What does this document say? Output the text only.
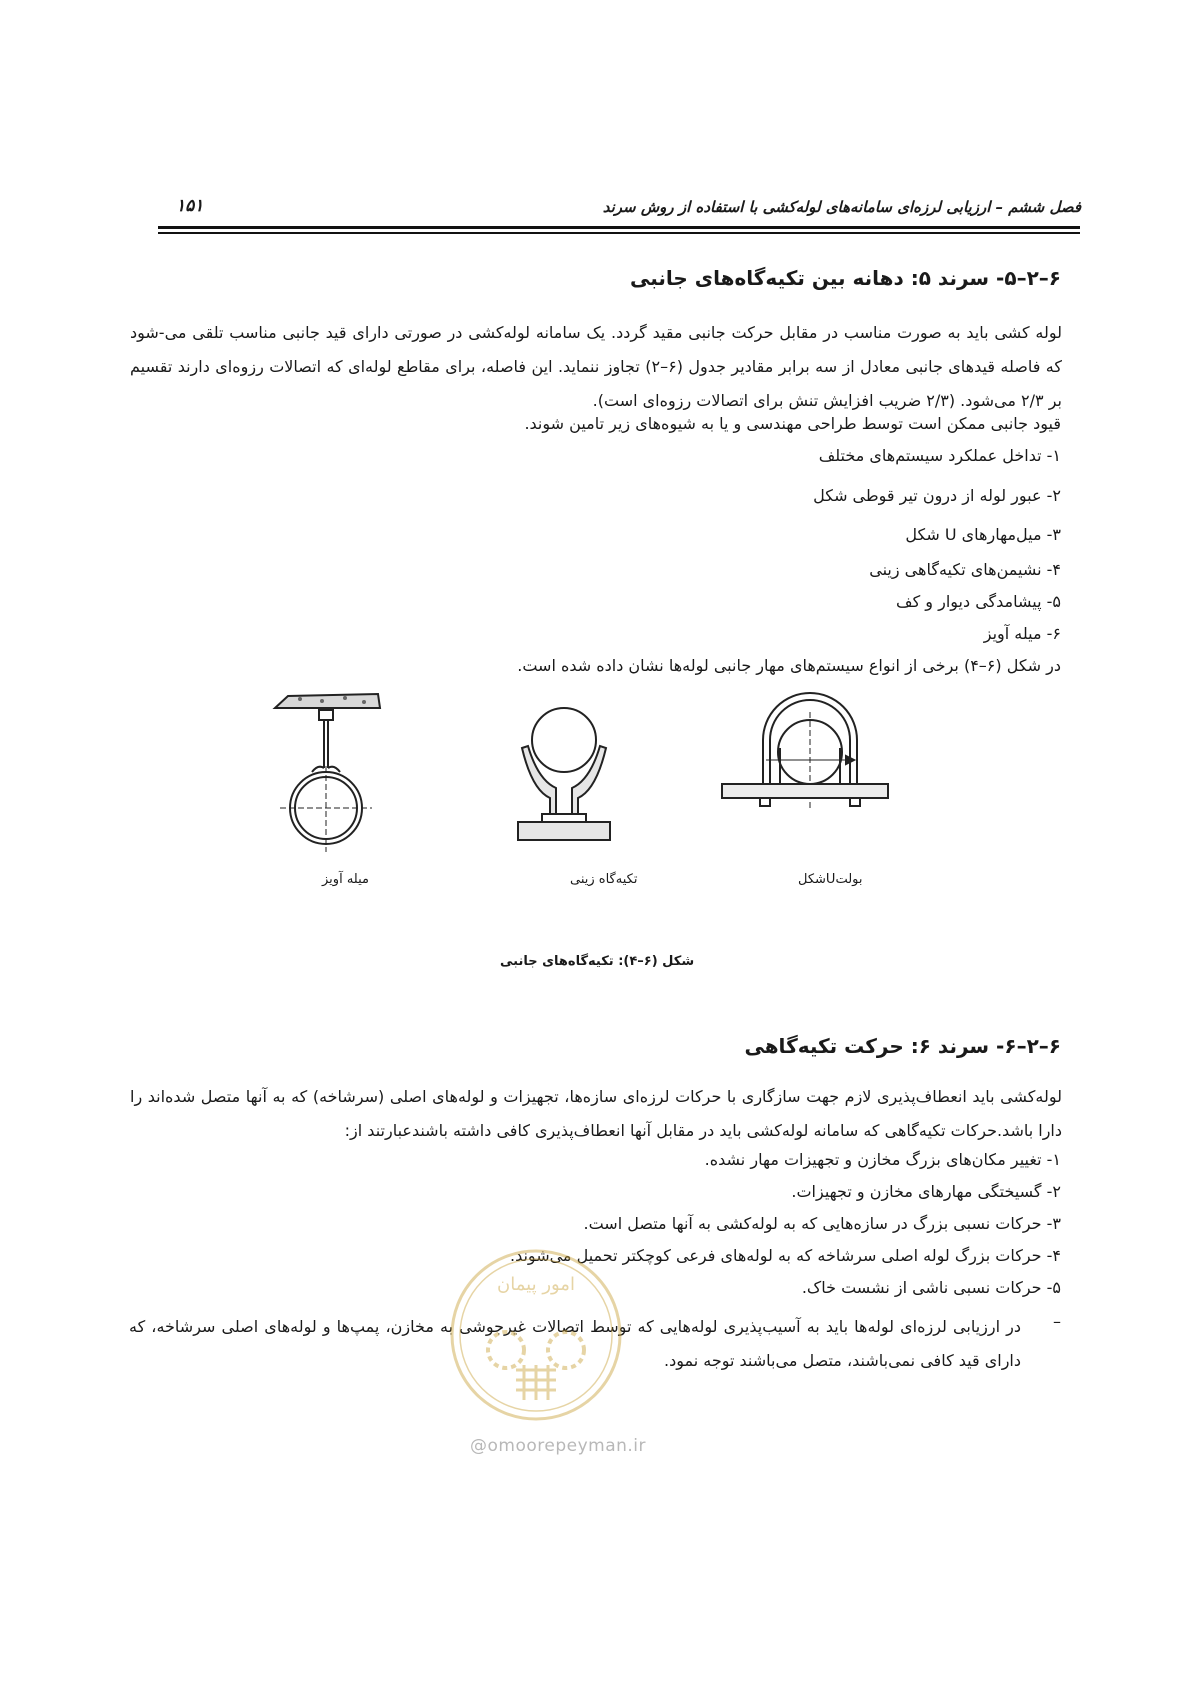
فصل ششم – ارزیابی لرزه‌ای سامانه‌های لوله‌کشی با استفاده از روش سرند
۱۵۱
۶–۲–۵- سرند ۵: دهانه بین تکیه‌گاه‌های جانبی
لوله کشی باید به صورت مناسب در مقابل حرکت جانبی مقید گردد. یک سامانه لوله‌کشی در صورتی دارای قید جانبی مناسب تلقی می-شود که فاصله قیدهای جانبی معادل از سه برابر مقادیر جدول (۶–۲) تجاوز ننماید. این فاصله، برای مقاطع لوله‌ای که اتصالات رزوه‌ای دارند تقسیم بر ۲/۳ می‌شود. (۲/۳ ضریب افزایش تنش برای اتصالات رزوه‌ای است).
قیود جانبی ممکن است توسط طراحی مهندسی و یا به شیوه‌های زیر تامین شوند.
۱- تداخل عملکرد سیستم‌های مختلف
۲- عبور لوله از درون تیر قوطی شکل
۳- میل‌مهارهای U شکل
۴- نشیمن‌های تکیه‌گاهی زینی
۵- پیشامدگی دیوار و کف
۶- میله آویز
در شکل (۶–۴) برخی از انواع سیستم‌های مهار جانبی لوله‌ها نشان داده شده است.
میله آویز	تکیه‌گاه زینی	شکلUبولت
شکل (۶–۴): تکیه‌گاه‌های جانبی
۶–۲–۶- سرند ۶: حرکت تکیه‌گاهی
لوله‌کشی باید انعطاف‌پذیری لازم جهت سازگاری با حرکات لرزه‌ای سازه‌ها، تجهیزات و لوله‌های اصلی (سرشاخه) که به آنها متصل شده‌اند را دارا باشد.حرکات تکیه‌گاهی که سامانه لوله‌کشی باید در مقابل آنها انعطاف‌پذیری کافی داشته باشندعبارتند از:
۱- تغییر مکان‌های بزرگ مخازن و تجهیزات مهار نشده.
۲- گسیختگی مهارهای مخازن و تجهیزات.
۳- حرکات نسبی بزرگ در سازه‌هایی که به لوله‌کشی به آنها متصل است.
۴- حرکات بزرگ لوله اصلی سرشاخه که به لوله‌های فرعی کوچکتر تحمیل می‌شوند.
۵- حرکات نسبی ناشی از نشست خاک.
–
در ارزیابی لرزه‌ای لوله‌ها باید به آسیب‌پذیری لوله‌هایی که توسط اتصالات غیرجوشی به مخازن، پمپ‌ها و لوله‌های اصلی سرشاخه، که دارای قید کافی نمی‌باشند، متصل می‌باشند توجه نمود.
امور پیمان
@omoorepeyman.ir
